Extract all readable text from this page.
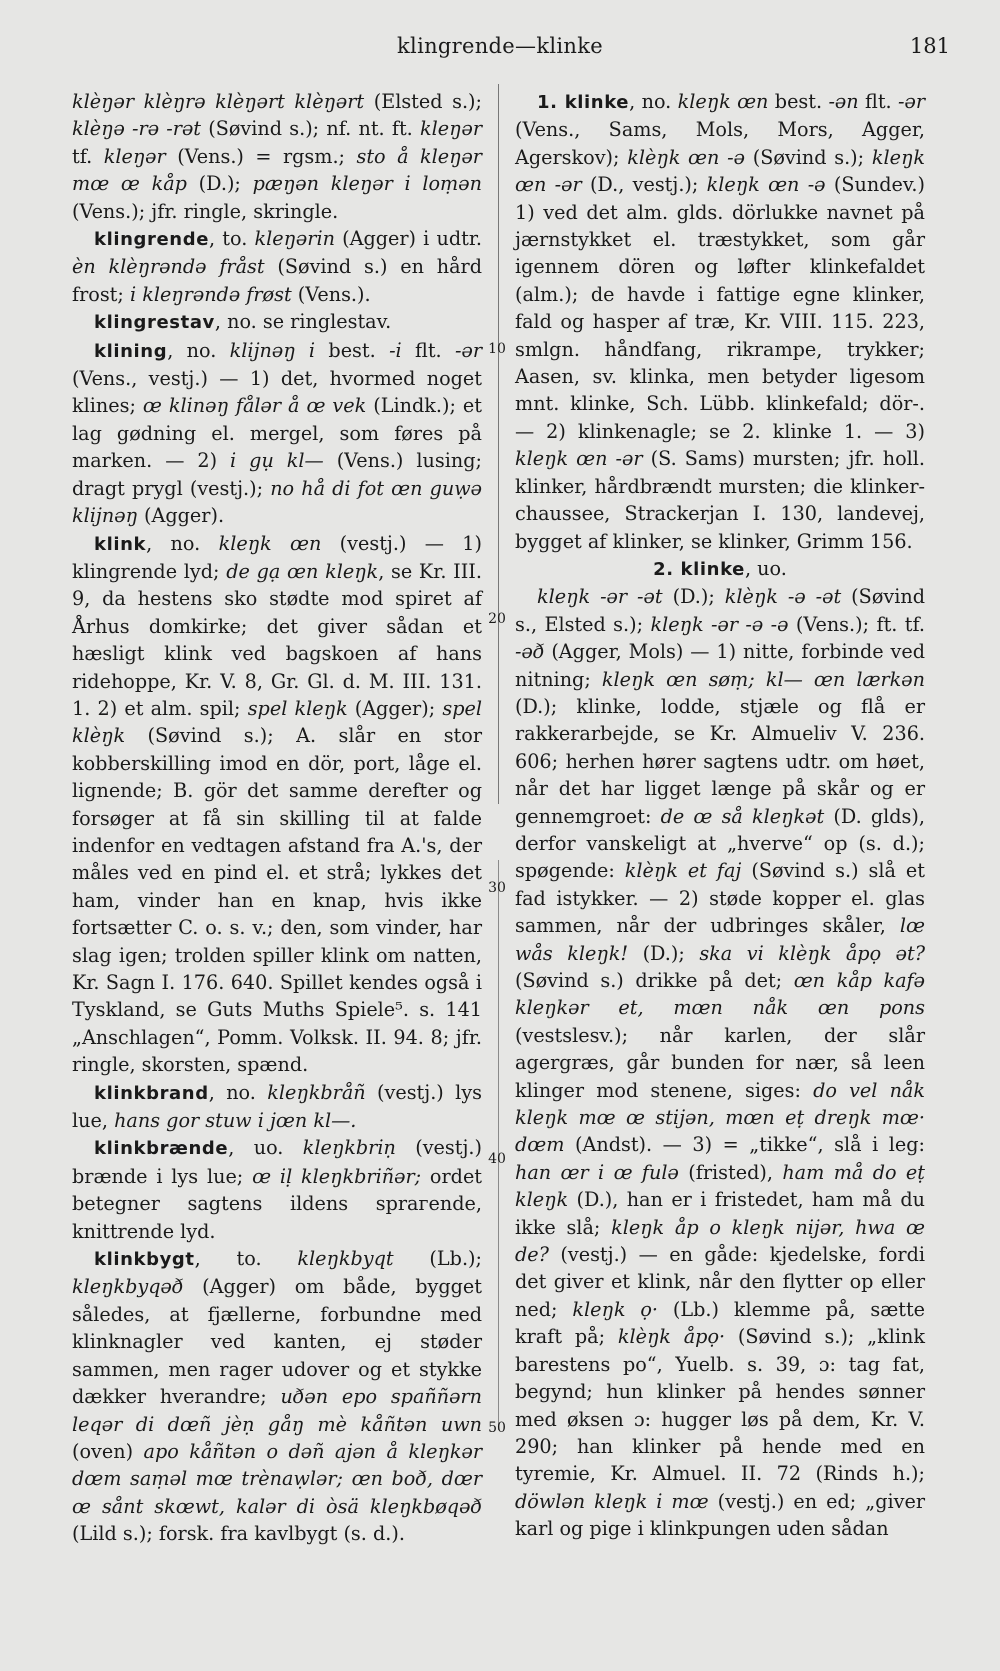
klingrende—klinke	181
10
20
30
40
50

klèŋər klèŋrə klèŋərt klèŋərt (Elsted s.); klèŋə -rə -rət (Søvind s.); nf. nt. ft. kleŋər tf. kleŋər (Vens.) = rgsm.; sto å kleŋər mœ œ kåp (D.); pæŋən kleŋər i loṃən (Vens.); jfr. ringle, skringle.

klingrende, to. kleŋərin (Agger) i udtr. èn klèŋrəndə fråst (Søvind s.) en hård frost; i kleŋrəndə frøst (Vens.).

klingrestav, no. se ringlestav.

klining, no. klijnəŋ i best. -i flt. -ər (Vens., vestj.) — 1) det, hvormed noget klines; œ klinəŋ fålər å œ vek (Lindk.); et lag gødning el. mergel, som føres på marken. — 2) i gụ kl— (Vens.) lusing; dragt prygl (vestj.); no hå di fot œn guẉə klijnəŋ (Agger).

klink, no. kleŋk œn (vestj.) — 1) klingrende lyd; de gạ œn kleŋk, se Kr. III. 9, da hestens sko stødte mod spiret af Århus domkirke; det giver sådan et hæsligt klink ved bagskoen af hans ridehoppe, Kr. V. 8, Gr. Gl. d. M. III. 131. 1. 2) et alm. spil; spel kleŋk (Agger); spel klèŋk (Søvind s.); A. slår en stor kobberskilling imod en dör, port, låge el. lignende; B. gör det samme derefter og forsøger at få sin skilling til at falde indenfor en vedtagen afstand fra A.'s, der måles ved en pind el. et strå; lykkes det ham, vinder han en knap, hvis ikke fortsætter C. o. s. v.; den, som vinder, har slag igen; trolden spiller klink om natten, Kr. Sagn I. 176. 640. Spillet kendes også i Tyskland, se Guts Muths Spiele⁵. s. 141 „Anschlagen“, Pomm. Volksk. II. 94. 8; jfr. ringle, skorsten, spænd.

klinkbrand, no. kleŋkbråñ (vestj.) lys lue, hans gor stuw i jœn kl—.

klinkbrænde, uo. kleŋkbriṇ (vestj.) brænde i lys lue; œ iḷ kleŋkbriñər; ordet betegner sagtens ildens sprагende, knittrende lyd.

klinkbygt, to. kleŋkbyqt (Lb.); kleŋkbyqəð (Agger) om både, bygget således, at fjællerne, forbundne med klinknagler ved kanten, ej støder sammen, men rager udover og et stykke dækker hverandre; uðən epo spaññərn leqər di dœñ jèṇ gåŋ mè kåñtən uwn (oven) apo kåñtən o dəñ ajən å kleŋkər dœm saṃəl mœ trènaẉlər; œn boð, dœr œ sånt skœwt, kalər di òsä kleŋkbøqəð (Lild s.); forsk. fra kavlbygt (s. d.).

1. klinke, no. kleŋk œn best. -ən flt. -ər (Vens., Sams, Mols, Mors, Agger, Agerskov); klèŋk œn -ə (Søvind s.); kleŋk œn -ər (D., vestj.); kleŋk œn -ə (Sundev.) 1) ved det alm. glds. dörlukke navnet på jærnstykket el. træstykket, som går igennem dören og løfter klinkefaldet (alm.); de havde i fattige egne klinker, fald og hasper af træ, Kr. VIII. 115. 223, smlgn. håndfang, rikrampe, trykker; Aasen, sv. klinka, men betyder ligesom mnt. klinke, Sch. Lübb. klinkefald; dör-. — 2) klinkenagle; se 2. klinke 1. — 3) kleŋk œn -ər (S. Sams) mursten; jfr. holl. klinker, hårdbrændt mursten; die klinker-chaussee, Strackerjan I. 130, landevej, bygget af klinker, se klinker, Grimm 156.

2. klinke, uo.

kleŋk -ər -ət (D.); klèŋk -ə -ət (Søvind s., Elsted s.); kleŋk -ər -ə -ə (Vens.); ft. tf. -əð (Agger, Mols) — 1) nitte, forbinde ved nitning; kleŋk œn søṃ; kl— œn lærkən (D.); klinke, lodde, stjæle og flå er rakkerarbejde, se Kr. Almueliv V. 236. 606; herhen hører sagtens udtr. om høet, når det har ligget længe på skår og er gennemgroet: de œ så kleŋkət (D. glds), derfor vanskeligt at „hverve“ op (s. d.); spøgende: klèŋk et faj (Søvind s.) slå et fad istykker. — 2) støde kopper el. glas sammen, når der udbringes skåler, lœ wås kleŋk! (D.); ska vi klèŋk åpọ ət? (Søvind s.) drikke på det; œn kåp kafə kleŋkər et, mœn nåk œn pons (vestslesv.); når karlen, der slår agergræs, går bunden for nær, så leen klinger mod stenene, siges: do vel nåk kleŋk mœ œ stijən, mœn eṭ dreŋk mœ· dœm (Andst). — 3) = „tikke“, slå i leg: han œr i œ fulə (fristed), ham må do eṭ kleŋk (D.), han er i fristedet, ham må du ikke slå; kleŋk åp o kleŋk nijər, hwa œ de? (vestj.) — en gåde: kjedelske, fordi det giver et klink, når den flytter op eller ned; kleŋk ọ· (Lb.) klemme på, sætte kraft på; klèŋk åpọ· (Søvind s.); „klink barestens po“, Yuelb. s. 39, ɔ: tag fat, begynd; hun klinker på hendes sønner med øksen ɔ: hugger løs på dem, Kr. V. 290; han klinker på hende med en tyremie, Kr. Almuel. II. 72 (Rinds h.); döwlən kleŋk i mœ (vestj.) en ed; „giver karl og pige i klinkpungen uden sådan
